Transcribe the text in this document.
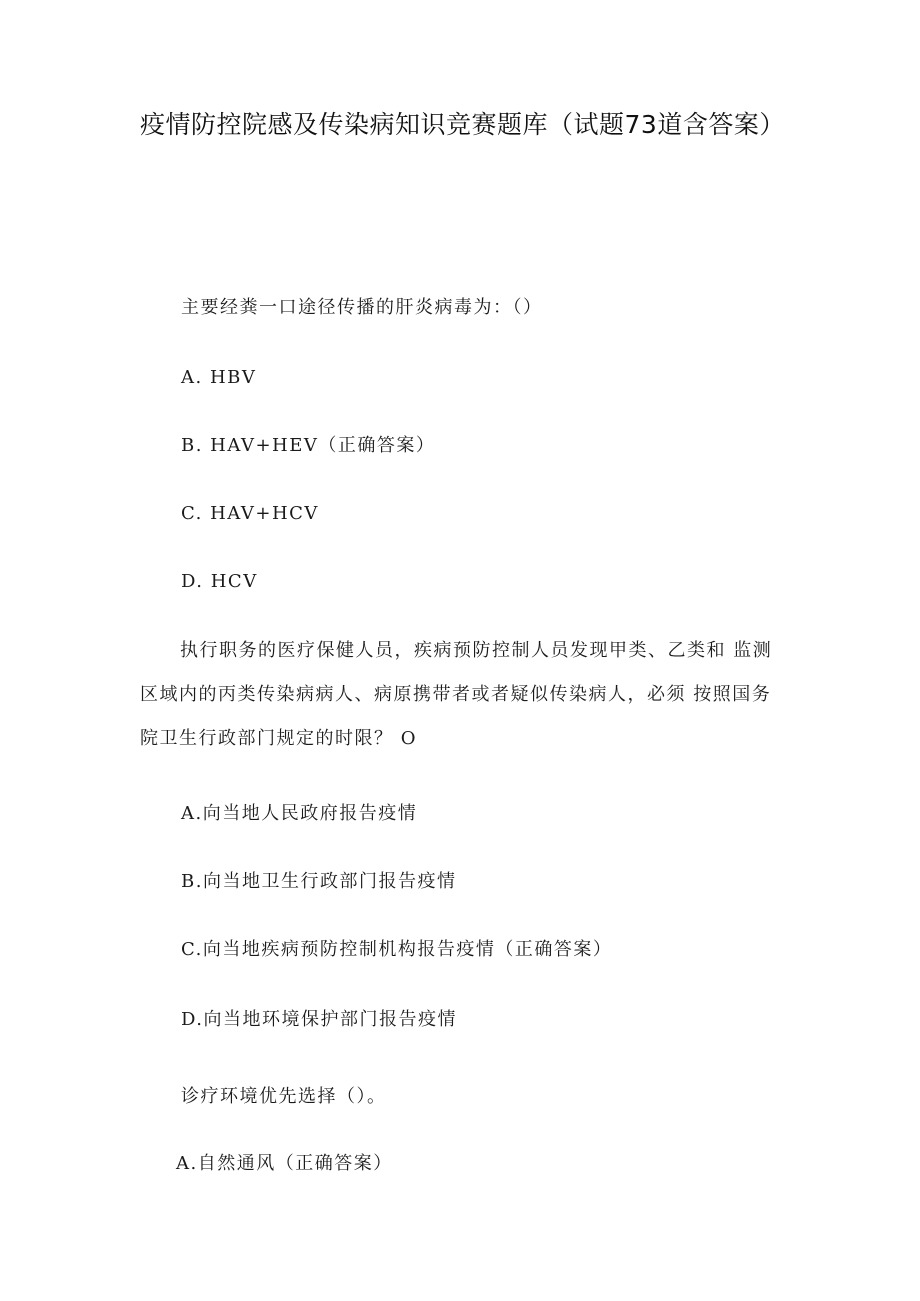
疫情防控院感及传染病知识竞赛题库（试题73道含答案）

主要经粪一口途径传播的肝炎病毒为：（）

A. HBV

B. HAV+HEV（正确答案）

C. HAV+HCV

D. HCV

执行职务的医疗保健人员，疾病预防控制人员发现甲类、乙类和 监测区域内的丙类传染病病人、病原携带者或者疑似传染病人，必须 按照国务院卫生行政部门规定的时限？ O

A.向当地人民政府报告疫情

B.向当地卫生行政部门报告疫情

C.向当地疾病预防控制机构报告疫情（正确答案）

D.向当地环境保护部门报告疫情

诊疗环境优先选择（）。

A.自然通风（正确答案）
